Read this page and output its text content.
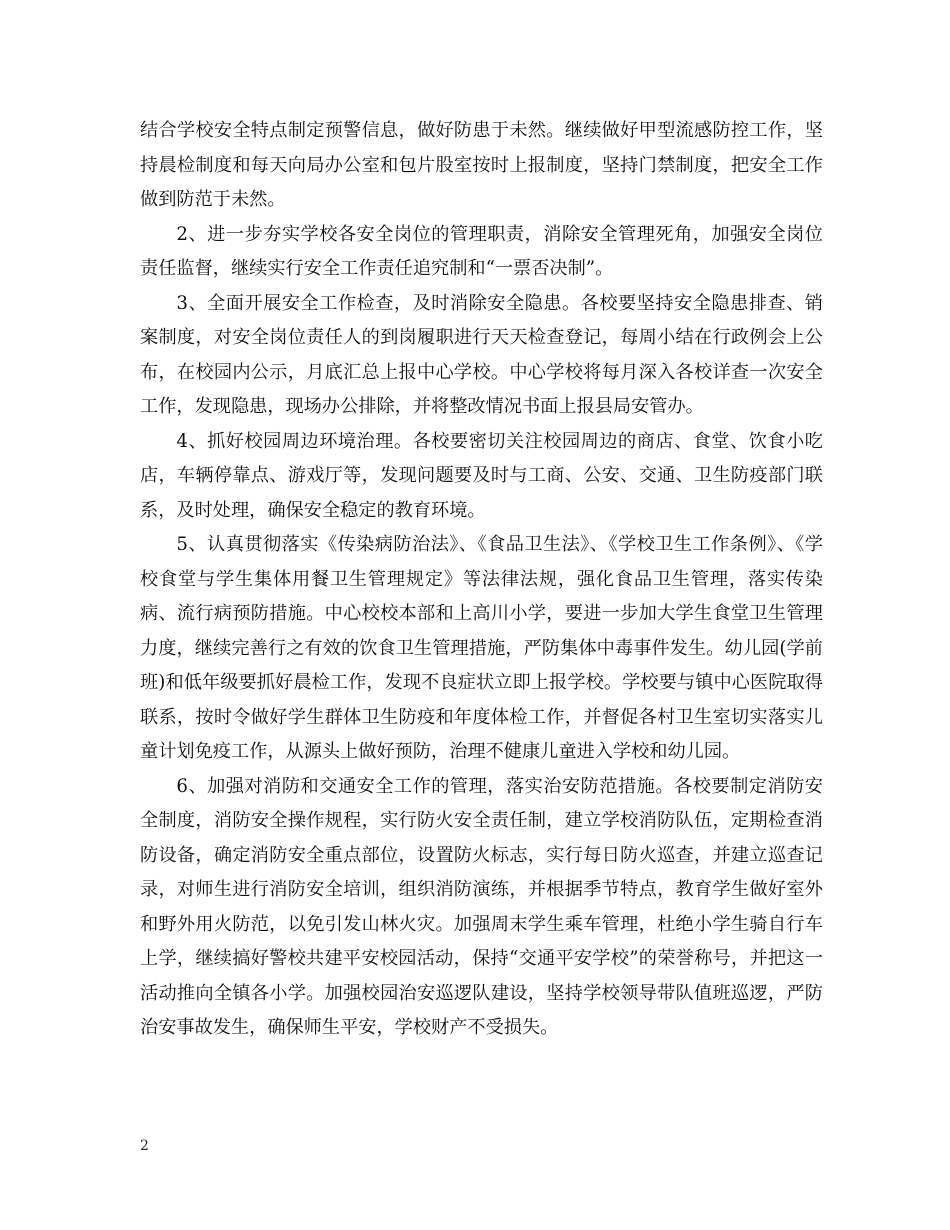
结合学校安全特点制定预警信息，做好防患于未然。继续做好甲型流感防控工作，坚持晨检制度和每天向局办公室和包片股室按时上报制度，坚持门禁制度，把安全工作做到防范于未然。

2、进一步夯实学校各安全岗位的管理职责，消除安全管理死角，加强安全岗位责任监督，继续实行安全工作责任追究制和“一票否决制”。

3、全面开展安全工作检查，及时消除安全隐患。各校要坚持安全隐患排查、销案制度，对安全岗位责任人的到岗履职进行天天检查登记，每周小结在行政例会上公布，在校园内公示，月底汇总上报中心学校。中心学校将每月深入各校详查一次安全工作，发现隐患，现场办公排除，并将整改情况书面上报县局安管办。

4、抓好校园周边环境治理。各校要密切关注校园周边的商店、食堂、饮食小吃店，车辆停靠点、游戏厅等，发现问题要及时与工商、公安、交通、卫生防疫部门联系，及时处理，确保安全稳定的教育环境。

5、认真贯彻落实《传染病防治法》、《食品卫生法》、《学校卫生工作条例》、《学校食堂与学生集体用餐卫生管理规定》等法律法规，强化食品卫生管理，落实传染病、流行病预防措施。中心校校本部和上高川小学，要进一步加大学生食堂卫生管理力度，继续完善行之有效的饮食卫生管理措施，严防集体中毒事件发生。幼儿园(学前班)和低年级要抓好晨检工作，发现不良症状立即上报学校。学校要与镇中心医院取得联系，按时令做好学生群体卫生防疫和年度体检工作，并督促各村卫生室切实落实儿童计划免疫工作，从源头上做好预防，治理不健康儿童进入学校和幼儿园。

6、加强对消防和交通安全工作的管理，落实治安防范措施。各校要制定消防安全制度，消防安全操作规程，实行防火安全责任制，建立学校消防队伍，定期检查消防设备，确定消防安全重点部位，设置防火标志，实行每日防火巡查，并建立巡查记录，对师生进行消防安全培训，组织消防演练，并根据季节特点，教育学生做好室外和野外用火防范，以免引发山林火灾。加强周末学生乘车管理，杜绝小学生骑自行车上学，继续搞好警校共建平安校园活动，保持“交通平安学校”的荣誉称号，并把这一活动推向全镇各小学。加强校园治安巡逻队建设，坚持学校领导带队值班巡逻，严防治安事故发生，确保师生平安，学校财产不受损失。

2
